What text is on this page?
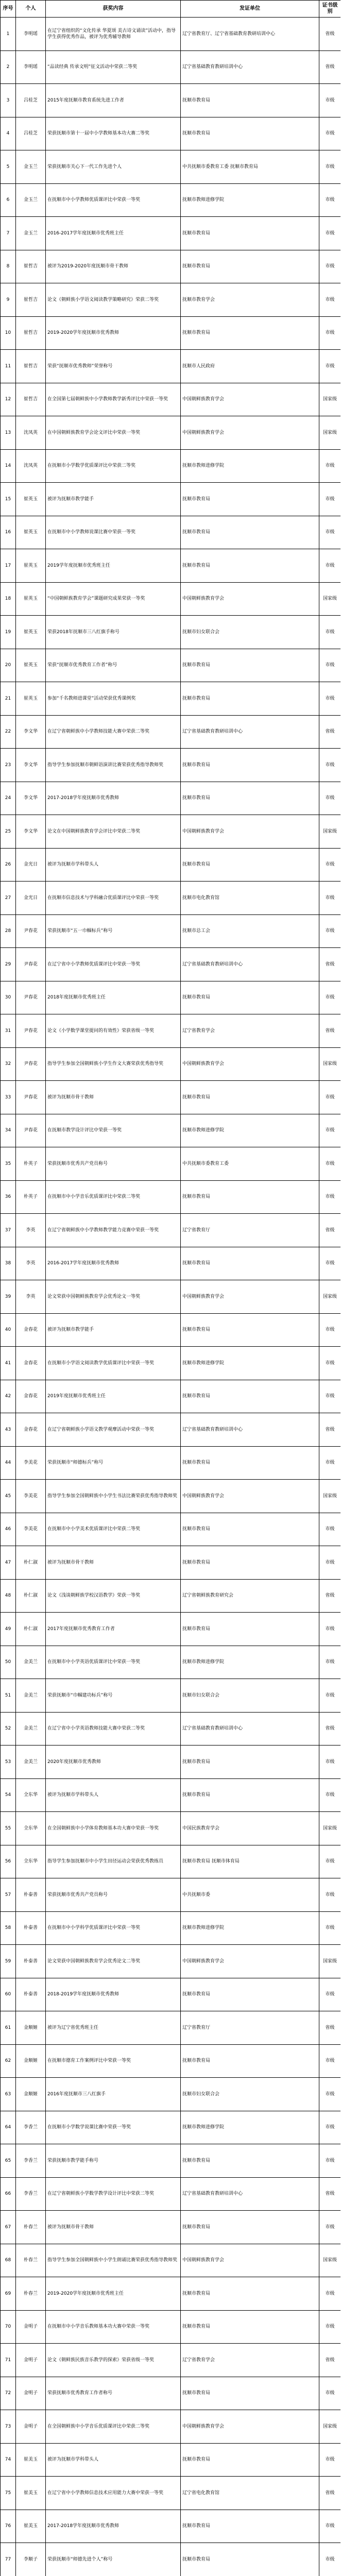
序号	个人	获奖内容	发证单位	证书级别
1	李明瑶	在辽宁省组织的“文化传承 华夏颂 美古诗文诵读”活动中，指导学生获得优秀作品，被评为优秀辅导教师	辽宁省教育厅、辽宁省基础教育教研培训中心	省级
2	李明瑶	“品读经典 传承文明”征文活动中荣获二等奖	辽宁省基础教育教研培训中心	省级
3	吕桂芝	2015年度抚顺市教育系统先进工作者	抚顺市教育局	市级
4	吕桂芝	荣获抚顺市第十一届中小学教师基本功大赛二等奖	抚顺市教育局	市级
5	金玉兰	荣获抚顺市关心下一代工作先进个人	中共抚顺市委教育工委 抚顺市教育局	市级
6	金玉兰	在抚顺市中小学教师优质课评比中荣获一等奖	抚顺市教师进修学院	市级
7	金玉兰	2016-2017学年度抚顺市优秀班主任	抚顺市教育局	市级
8	崔哲吉	被评为2019-2020年度抚顺市骨干教师	抚顺市教育局	市级
9	崔哲吉	论文《朝鲜族小学语文阅读教学策略研究》荣获二等奖	抚顺市教育学会	市级
10	崔哲吉	2019-2020学年度抚顺市优秀教师	抚顺市教育局	市级
11	崔哲吉	荣获“抚顺市优秀教师”荣誉称号	抚顺市人民政府	市级
12	崔哲吉	在全国第七届朝鲜族中小学教师教学新秀评比中荣获一等奖	中国朝鲜族教育学会	国家级
13	沈凤英	在中国朝鲜族教育学会论文评比中荣获一等奖	中国朝鲜族教育学会	国家级
14	沈凤英	在抚顺市小学数学优质课评比中荣获二等奖	抚顺市教师进修学院	市级
15	崔英玉	被评为抚顺市教学能手	抚顺市教育局	市级
16	崔英玉	在抚顺市中小学教师说课比赛中荣获一等奖	抚顺市教育局	市级
17	崔英玉	2019学年度抚顺市优秀班主任	抚顺市教育局	市级
18	崔英玉	“中国朝鲜族教育学会”课题研究成果荣获一等奖	中国朝鲜族教育学会	国家级
19	崔英玉	荣获2018年抚顺市三八红旗手称号	抚顺市妇女联合会	市级
20	崔英玉	荣获“抚顺市优秀教育工作者”称号	抚顺市教育局	市级
21	崔英玉	参加“千名教师进课堂”活动荣获优秀课例奖	抚顺市教育局	市级
22	李文华	在辽宁省朝鲜族中小学教师技能大赛中荣获二等奖	辽宁省基础教育教研培训中心	省级
23	李文华	指导学生参加抚顺市朝鲜语演讲比赛荣获优秀指导教师奖	抚顺市教育局	市级
24	李文华	2017-2018学年度抚顺市优秀教师	抚顺市教育局	市级
25	李文华	论文在中国朝鲜族教育学会评比中荣获二等奖	中国朝鲜族教育学会	国家级
26	金光日	被评为抚顺市学科带头人	抚顺市教育局	市级
27	金光日	在抚顺市信息技术与学科融合优质课评比中荣获一等奖	抚顺市电化教育馆	市级
28	尹春花	荣获抚顺市“五一巾帼标兵”称号	抚顺市总工会	市级
29	尹春花	在辽宁省中小学教师优质课评比中荣获一等奖	辽宁省基础教育教研培训中心	省级
30	尹春花	2018年度抚顺市优秀班主任	抚顺市教育局	市级
31	尹春花	论文《小学数学课堂提问的有效性》荣获省级一等奖	辽宁省教育学会	省级
32	尹春花	指导学生参加全国朝鲜族小学生作文大赛荣获优秀指导奖	中国朝鲜族教育学会	国家级
33	尹春花	被评为抚顺市骨干教师	抚顺市教育局	市级
34	尹春花	在抚顺市教学设计评比中荣获一等奖	抚顺市教师进修学院	市级
35	朴英子	荣获抚顺市优秀共产党员称号	中共抚顺市委教育工委	市级
36	朴英子	在抚顺市中小学音乐优质课评比中荣获二等奖	抚顺市教育局	市级
37	李英	在辽宁省朝鲜族中小学教师教学能力竞赛中荣获一等奖	辽宁省教育厅	省级
38	李英	2016-2017学年度抚顺市优秀教师	抚顺市教育局	市级
39	李英	论文荣获中国朝鲜族教育学会优秀论文一等奖	中国朝鲜族教育学会	国家级
40	金春花	被评为抚顺市教学能手	抚顺市教育局	市级
41	金春花	在抚顺市小学语文阅读教学优质课评比中荣获一等奖	抚顺市教师进修学院	市级
42	金春花	2019年度抚顺市优秀班主任	抚顺市教育局	市级
43	金春花	在辽宁省朝鲜族小学语文教学观摩活动中荣获一等奖	辽宁省基础教育教研培训中心	省级
44	李美花	荣获抚顺市“师德标兵”称号	抚顺市教育局	市级
45	李美花	指导学生参加全国朝鲜族中小学生书法比赛荣获优秀指导教师奖	中国朝鲜族教育学会	国家级
46	李美花	在抚顺市中小学美术优质课评比中荣获二等奖	抚顺市教育局	市级
47	朴仁淑	被评为抚顺市骨干教师	抚顺市教育局	市级
48	朴仁淑	论文《浅谈朝鲜族学校汉语教学》荣获一等奖	辽宁省朝鲜族教育研究会	省级
49	朴仁淑	2017年度抚顺市优秀教育工作者	抚顺市教育局	市级
50	金美兰	在抚顺市中小学英语优质课评比中荣获一等奖	抚顺市教师进修学院	市级
51	金美兰	荣获抚顺市“巾帼建功标兵”称号	抚顺市妇女联合会	市级
52	金美兰	在辽宁省中小学英语教师技能大赛中荣获二等奖	辽宁省基础教育教研培训中心	省级
53	金美兰	2020年度抚顺市优秀教师	抚顺市教育局	市级
54	全东华	被评为抚顺市学科带头人	抚顺市教育局	市级
55	全东华	在全国朝鲜族中小学体育教师基本功大赛中荣获一等奖	中国民族教育学会	国家级
56	全东华	指导学生参加抚顺市中小学生田径运动会荣获优秀教练员	抚顺市教育局 抚顺市体育局	市级
57	朴泰善	荣获抚顺市优秀共产党员称号	中共抚顺市委	市级
58	朴泰善	在抚顺市中小学科学优质课评比中荣获一等奖	抚顺市教师进修学院	市级
59	朴泰善	论文荣获中国朝鲜族教育学会优秀论文二等奖	中国朝鲜族教育学会	国家级
60	朴泰善	2018-2019学年度抚顺市优秀教师	抚顺市教育局	市级
61	金顺姬	被评为辽宁省优秀班主任	辽宁省教育厅	省级
62	金顺姬	在抚顺市德育工作案例评比中荣获一等奖	抚顺市教育局	市级
63	金顺姬	2016年度抚顺市三八红旗手	抚顺市妇女联合会	市级
64	李香兰	在抚顺市小学数学说课比赛中荣获一等奖	抚顺市教师进修学院	市级
65	李香兰	荣获抚顺市教学能手称号	抚顺市教育局	市级
66	李香兰	在辽宁省朝鲜族小学数学教学设计评比中荣获二等奖	辽宁省基础教育教研培训中心	省级
67	朴春兰	被评为抚顺市骨干教师	抚顺市教育局	市级
68	朴春兰	指导学生参加全国朝鲜族中小学生朗诵比赛荣获优秀指导教师奖	中国朝鲜族教育学会	国家级
69	朴春兰	2019-2020学年度抚顺市优秀班主任	抚顺市教育局	市级
70	金明子	在抚顺市中小学音乐教师基本功大赛中荣获一等奖	抚顺市教育局	市级
71	金明子	论文《朝鲜族民族音乐教学的探索》荣获省级一等奖	辽宁省教育学会	省级
72	金明子	荣获抚顺市优秀教育工作者称号	抚顺市教育局	市级
73	金明子	在全国朝鲜族中小学音乐优质课评比中荣获二等奖	中国朝鲜族教育学会	国家级
74	崔美玉	被评为抚顺市学科带头人	抚顺市教育局	市级
75	崔美玉	在辽宁省中小学教师信息技术应用能力大赛中荣获一等奖	辽宁省电化教育馆	省级
76	崔美玉	2017-2018学年度抚顺市优秀教师	抚顺市教育局	市级
77	李顺子	荣获抚顺市“师德先进个人”称号	抚顺市教育局	市级
